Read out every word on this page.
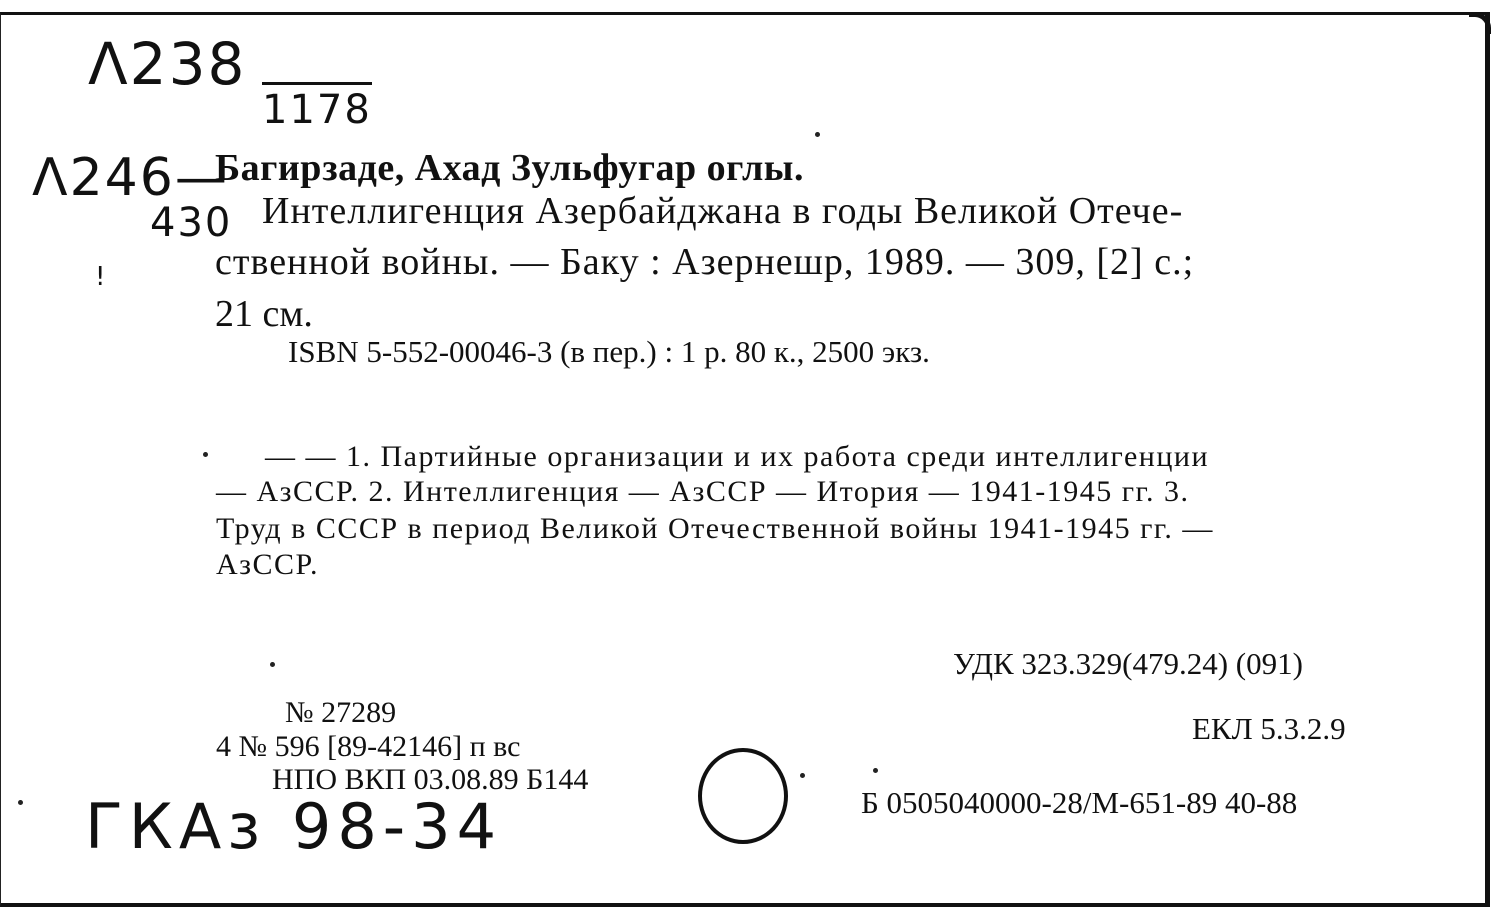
Λ238
1178
Λ246—
430
!
ГКАз 98-34
Багирзаде, Ахад Зульфугар оглы.
Интеллигенция Азербайджана в годы Великой Отече-
ственной войны. — Баку : Азернешр, 1989. — 309, [2] с.;
21 см.
ISBN 5-552-00046-3 (в пер.) : 1 р. 80 к., 2500 экз.
— — 1. Партийные организации и их работа среди интеллигенции
— АзССР. 2. Интеллигенция — АзССР — Итория — 1941-1945 гг. 3.
Труд в СССР в период Великой Отечественной войны 1941-1945 гг. —
АзССР.
УДК 323.329(479.24) (091)
ЕКЛ 5.3.2.9
Б 0505040000-28/М-651-89 40-88
№ 27289
4 № 596 [89-42146] п вс
НПО ВКП 03.08.89 Б144
